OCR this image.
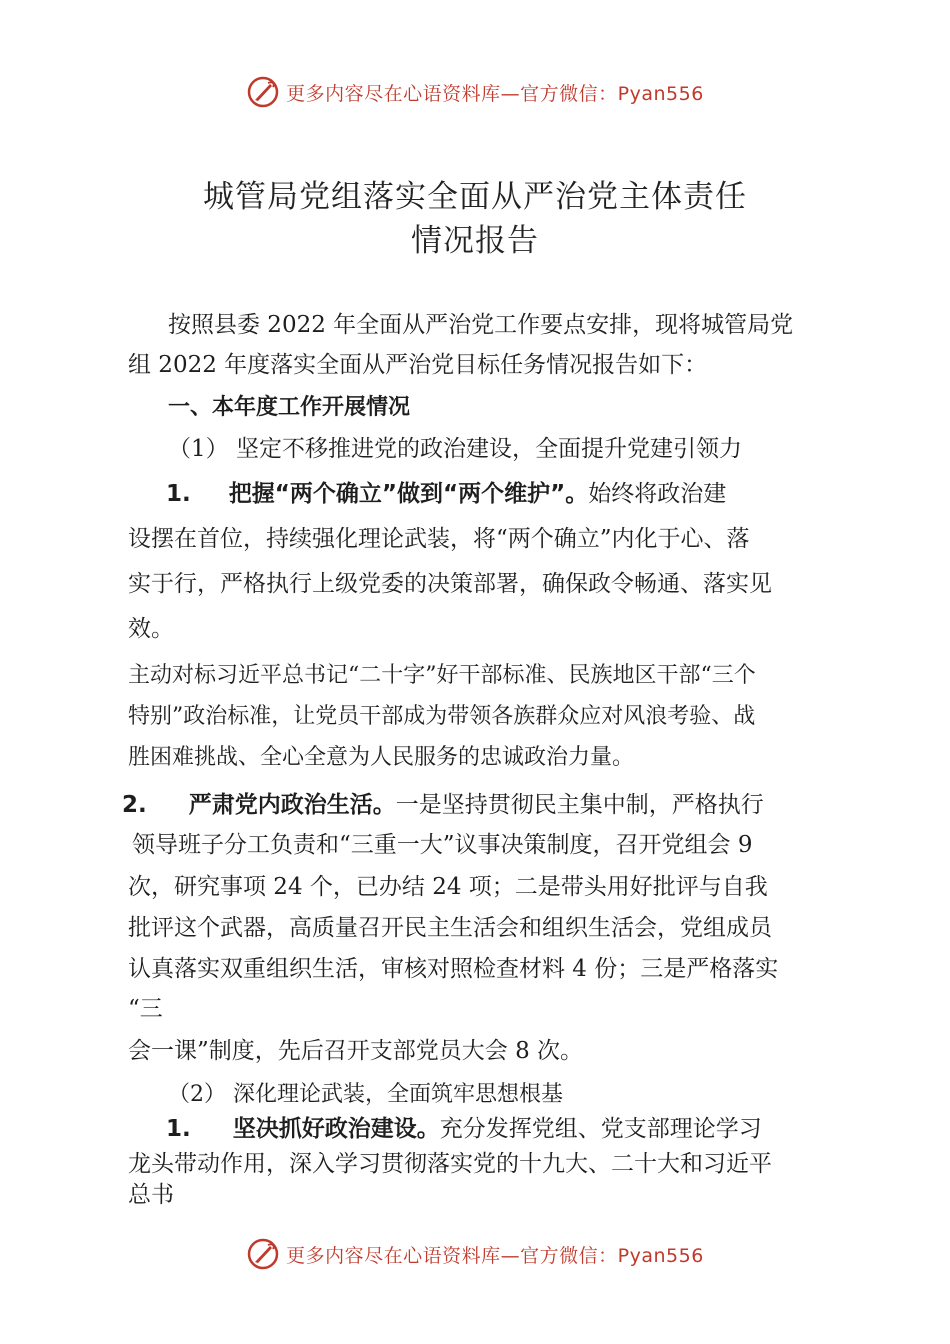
更多内容尽在心语资料库—官方微信：Pyan556
城管局党组落实全面从严治党主体责任
情况报告
按照县委 2022 年全面从严治党工作要点安排，现将城管局党
组 2022 年度落实全面从严治党目标任务情况报告如下：
一、本年度工作开展情况
（1） 坚定不移推进党的政治建设，全面提升党建引领力
1. 把握“两个确立”做到“两个维护”。始终将政治建
设摆在首位，持续强化理论武装，将“两个确立”内化于心、落
实于行，严格执行上级党委的决策部署，确保政令畅通、落实见
效。
主动对标习近平总书记“二十字”好干部标准、民族地区干部“三个
特别”政治标准，让党员干部成为带领各族群众应对风浪考验、战
胜困难挑战、全心全意为人民服务的忠诚政治力量。
2. 严肃党内政治生活。一是坚持贯彻民主集中制，严格执行
领导班子分工负责和“三重一大”议事决策制度，召开党组会 9
次，研究事项 24 个，已办结 24 项；二是带头用好批评与自我
批评这个武器，高质量召开民主生活会和组织生活会，党组成员
认真落实双重组织生活，审核对照检查材料 4 份；三是严格落实
“三
会一课”制度，先后召开支部党员大会 8 次。
（2） 深化理论武装，全面筑牢思想根基
1. 坚决抓好政治建设。充分发挥党组、党支部理论学习
龙头带动作用，深入学习贯彻落实党的十九大、二十大和习近平
总书
更多内容尽在心语资料库—官方微信：Pyan556
